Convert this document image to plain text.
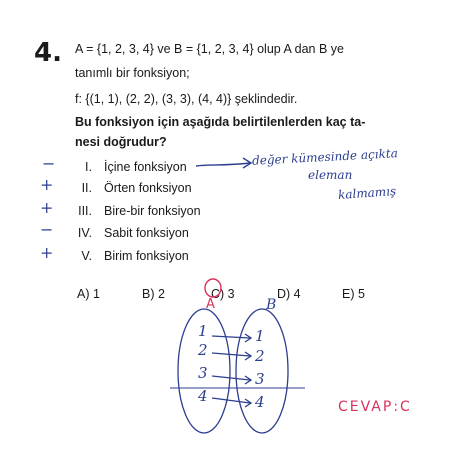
4. A = {1, 2, 3, 4} ve B = {1, 2, 3, 4} olup A dan B ye
tanımlı bir fonksiyon;
f: {(1, 1), (2, 2), (3, 3), (4, 4)} şeklindedir.
Bu fonksiyon için aşağıda belirtilenlerden kaç ta-
nesi doğrudur?
−	I. İçine fonksiyon
+	II. Örten fonksiyon
+	III. Bire-bir fonksiyon
−	IV. Sabit fonksiyon
+	V. Birim fonksiyon
A) 1	B) 2	C) 3	D) 4	E) 5
değer kümesinde açıkta
eleman
kalmamış
A	B
1
2
3
4
1
2
3
4	CEVAP:C
